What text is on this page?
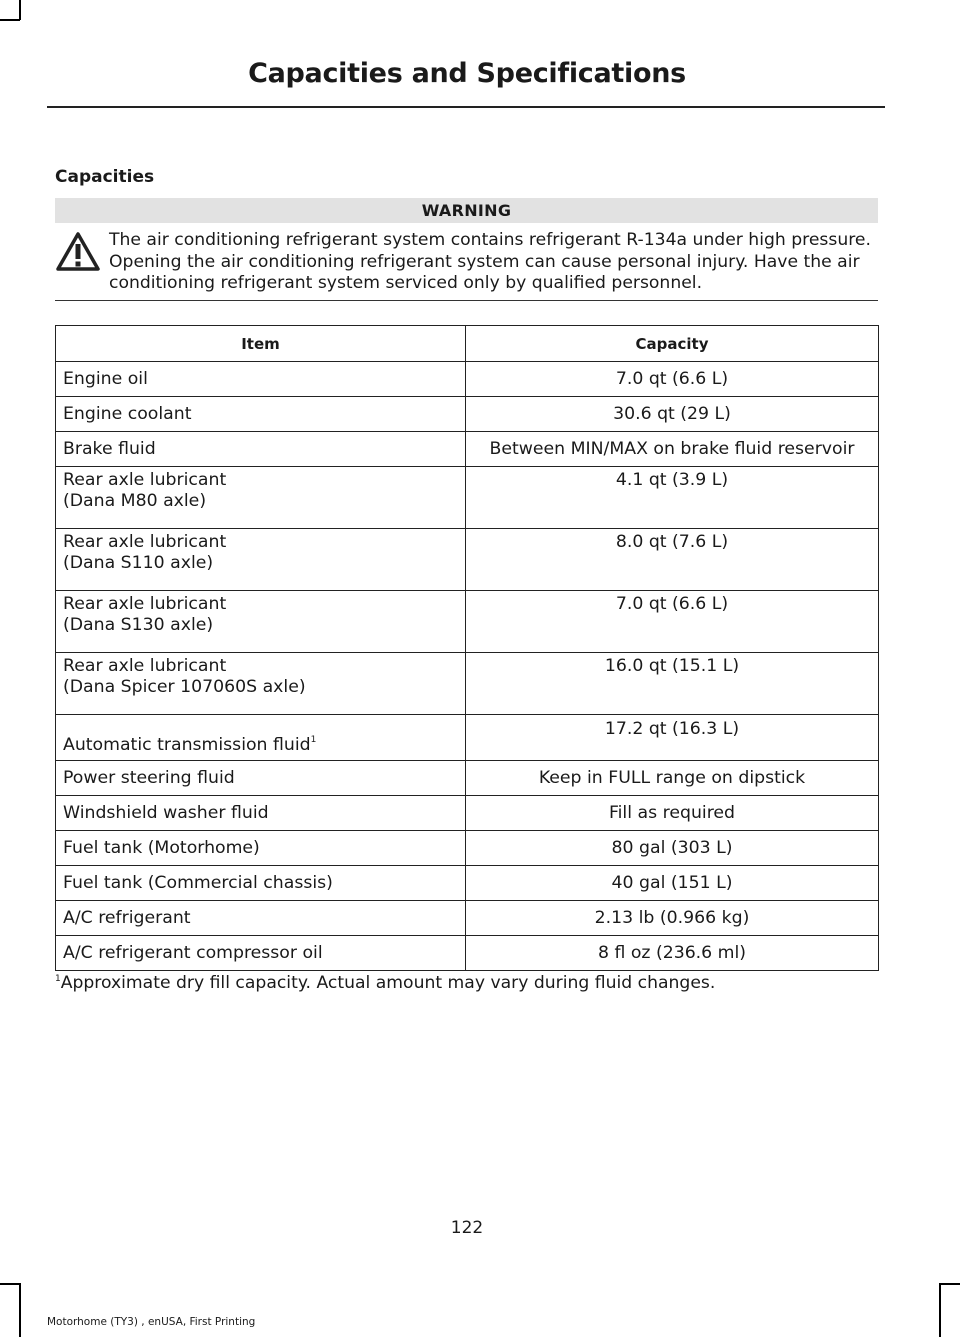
Capacities and Specifications
Capacities
WARNING
The air conditioning refrigerant system contains refrigerant R-134a under high pressure. Opening the air conditioning refrigerant system can cause personal injury. Have the air conditioning refrigerant system serviced only by qualified personnel.
Item	Capacity
Engine oil	7.0 qt (6.6 L)
Engine coolant	30.6 qt (29 L)
Brake fluid	Between MIN/MAX on brake fluid reservoir

Rear axle lubricant
(Dana M80 axle)	4.1 qt (3.9 L)

Rear axle lubricant
(Dana S110 axle)	8.0 qt (7.6 L)

Rear axle lubricant
(Dana S130 axle)	7.0 qt (6.6 L)

Rear axle lubricant
(Dana Spicer 107060S axle)	16.0 qt (15.1 L)
Automatic transmission fluid$^1$	17.2 qt (16.3 L)
Power steering fluid	Keep in FULL range on dipstick
Windshield washer fluid	Fill as required
Fuel tank (Motorhome)	80 gal (303 L)
Fuel tank (Commercial chassis)	40 gal (151 L)
A/C refrigerant	2.13 lb (0.966 kg)
A/C refrigerant compressor oil	8 fl oz (236.6 ml)
$^1$Approximate dry fill capacity. Actual amount may vary during fluid changes.
122
Motorhome (TY3) , enUSA, First Printing
